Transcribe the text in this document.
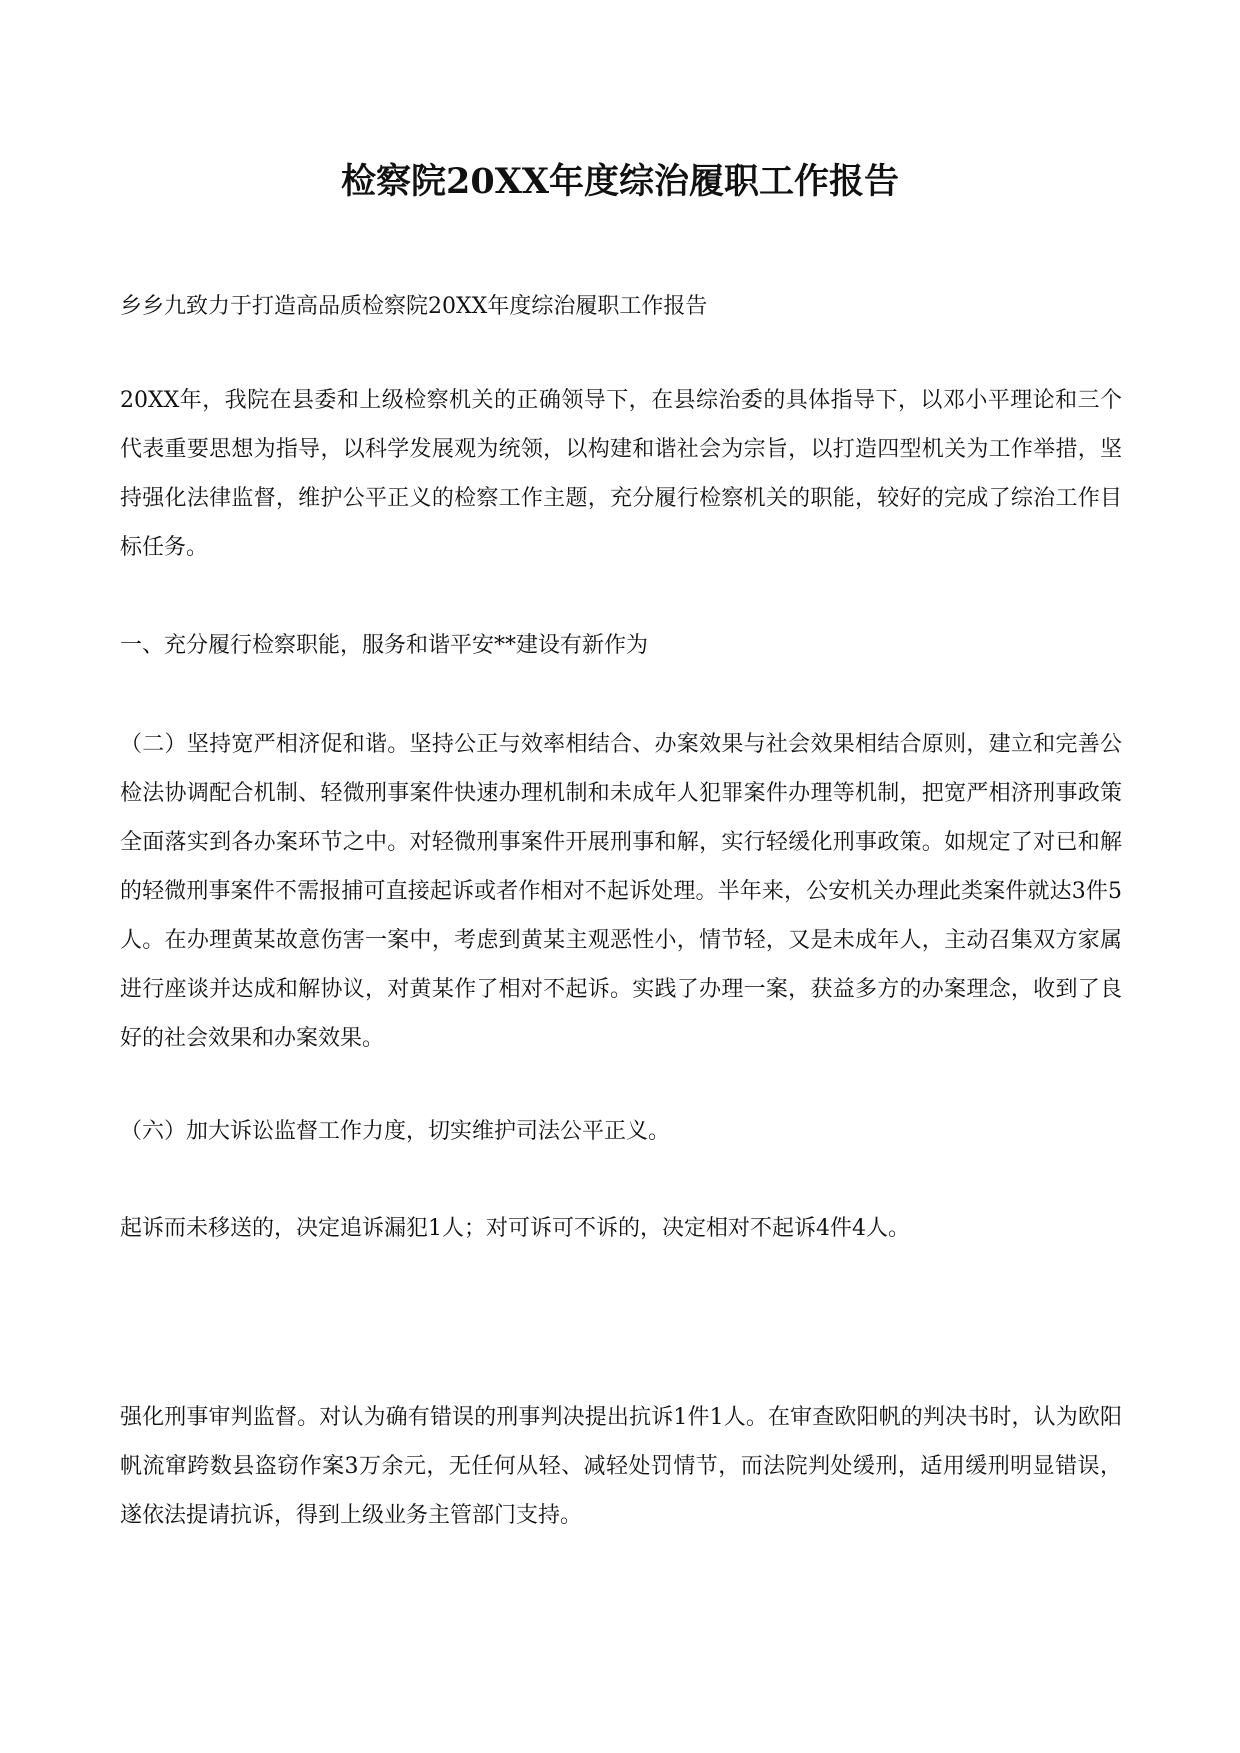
检察院20XX年度综治履职工作报告

乡乡九致力于打造高品质检察院20XX年度综治履职工作报告

20XX年，我院在县委和上级检察机关的正确领导下，在县综治委的具体指导下，以邓小平理论和三个代表重要思想为指导，以科学发展观为统领，以构建和谐社会为宗旨，以打造四型机关为工作举措，坚持强化法律监督，维护公平正义的检察工作主题，充分履行检察机关的职能，较好的完成了综治工作目标任务。

一、充分履行检察职能，服务和谐平安**建设有新作为

（二）坚持宽严相济促和谐。坚持公正与效率相结合、办案效果与社会效果相结合原则，建立和完善公检法协调配合机制、轻微刑事案件快速办理机制和未成年人犯罪案件办理等机制，把宽严相济刑事政策全面落实到各办案环节之中。对轻微刑事案件开展刑事和解，实行轻缓化刑事政策。如规定了对已和解的轻微刑事案件不需报捕可直接起诉或者作相对不起诉处理。半年来，公安机关办理此类案件就达3件5人。在办理黄某故意伤害一案中，考虑到黄某主观恶性小，情节轻，又是未成年人，主动召集双方家属进行座谈并达成和解协议，对黄某作了相对不起诉。实践了办理一案，获益多方的办案理念，收到了良好的社会效果和办案效果。

（六）加大诉讼监督工作力度，切实维护司法公平正义。

起诉而未移送的，决定追诉漏犯1人；对可诉可不诉的，决定相对不起诉4件4人。

强化刑事审判监督。对认为确有错误的刑事判决提出抗诉1件1人。在审查欧阳帆的判决书时，认为欧阳帆流窜跨数县盗窃作案3万余元，无任何从轻、减轻处罚情节，而法院判处缓刑，适用缓刑明显错误，遂依法提请抗诉，得到上级业务主管部门支持。
